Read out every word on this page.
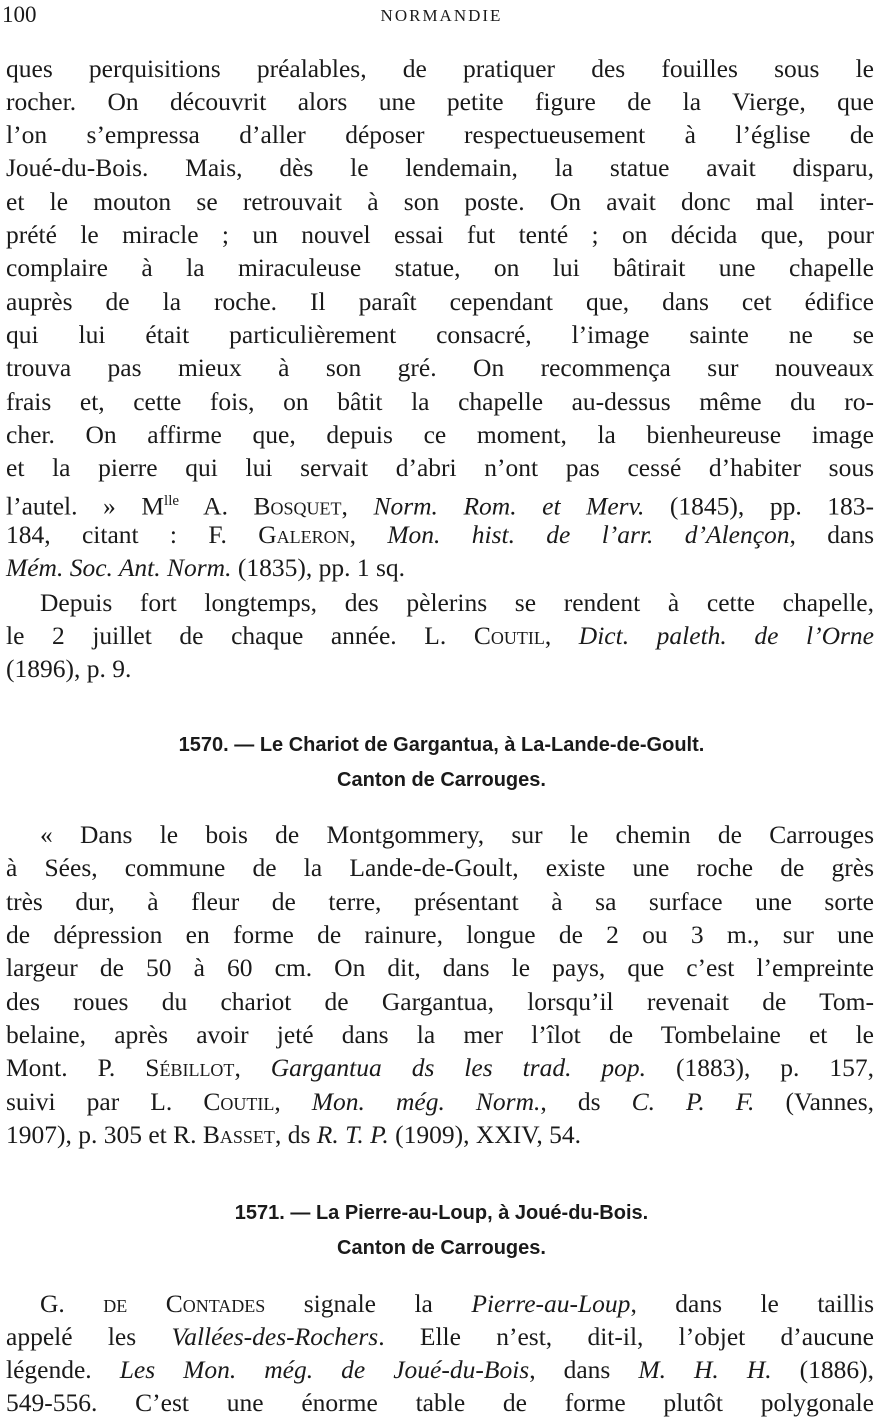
100	NORMANDIE
ques perquisitions préalables, de pratiquer des fouilles sous le
rocher. On découvrit alors une petite figure de la Vierge, que
l’on s’empressa d’aller déposer respectueusement à l’église de
Joué-du-Bois. Mais, dès le lendemain, la statue avait disparu,
et le mouton se retrouvait à son poste. On avait donc mal inter-
prété le miracle ; un nouvel essai fut tenté ; on décida que, pour
complaire à la miraculeuse statue, on lui bâtirait une chapelle
auprès de la roche. Il paraît cependant que, dans cet édifice
qui lui était particulièrement consacré, l’image sainte ne se
trouva pas mieux à son gré. On recommença sur nouveaux
frais et, cette fois, on bâtit la chapelle au-dessus même du ro-
cher. On affirme que, depuis ce moment, la bienheureuse image
et la pierre qui lui servait d’abri n’ont pas cessé d’habiter sous
l’autel. » $M^{lle}$ A. Bosquet, Norm. Rom. et Merv. (1845), pp. 183-
184, citant : F. Galeron, Mon. hist. de l’arr. d’Alençon, dans
Mém. Soc. Ant. Norm. (1835), pp. 1 sq.
Depuis fort longtemps, des pèlerins se rendent à cette chapelle,
le 2 juillet de chaque année. L. Coutil, Dict. paleth. de l’Orne
(1896), p. 9.
1570. — Le Chariot de Gargantua, à La-Lande-de-Goult.
Canton de Carrouges.
« Dans le bois de Montgommery, sur le chemin de Carrouges
à Sées, commune de la Lande-de-Goult, existe une roche de grès
très dur, à fleur de terre, présentant à sa surface une sorte
de dépression en forme de rainure, longue de 2 ou 3 m., sur une
largeur de 50 à 60 cm. On dit, dans le pays, que c’est l’empreinte
des roues du chariot de Gargantua, lorsqu’il revenait de Tom-
belaine, après avoir jeté dans la mer l’îlot de Tombelaine et le
Mont. P. Sébillot, Gargantua ds les trad. pop. (1883), p. 157,
suivi par L. Coutil, Mon. még. Norm., ds C. P. F. (Vannes,
1907), p. 305 et R. Basset, ds R. T. P. (1909), XXIV, 54.
1571. — La Pierre-au-Loup, à Joué-du-Bois.
Canton de Carrouges.
G. de Contades signale la Pierre-au-Loup, dans le taillis
appelé les Vallées-des-Rochers. Elle n’est, dit-il, l’objet d’aucune
légende. Les Mon. még. de Joué-du-Bois, dans M. H. H. (1886),
549-556. C’est une énorme table de forme plutôt polygonale
